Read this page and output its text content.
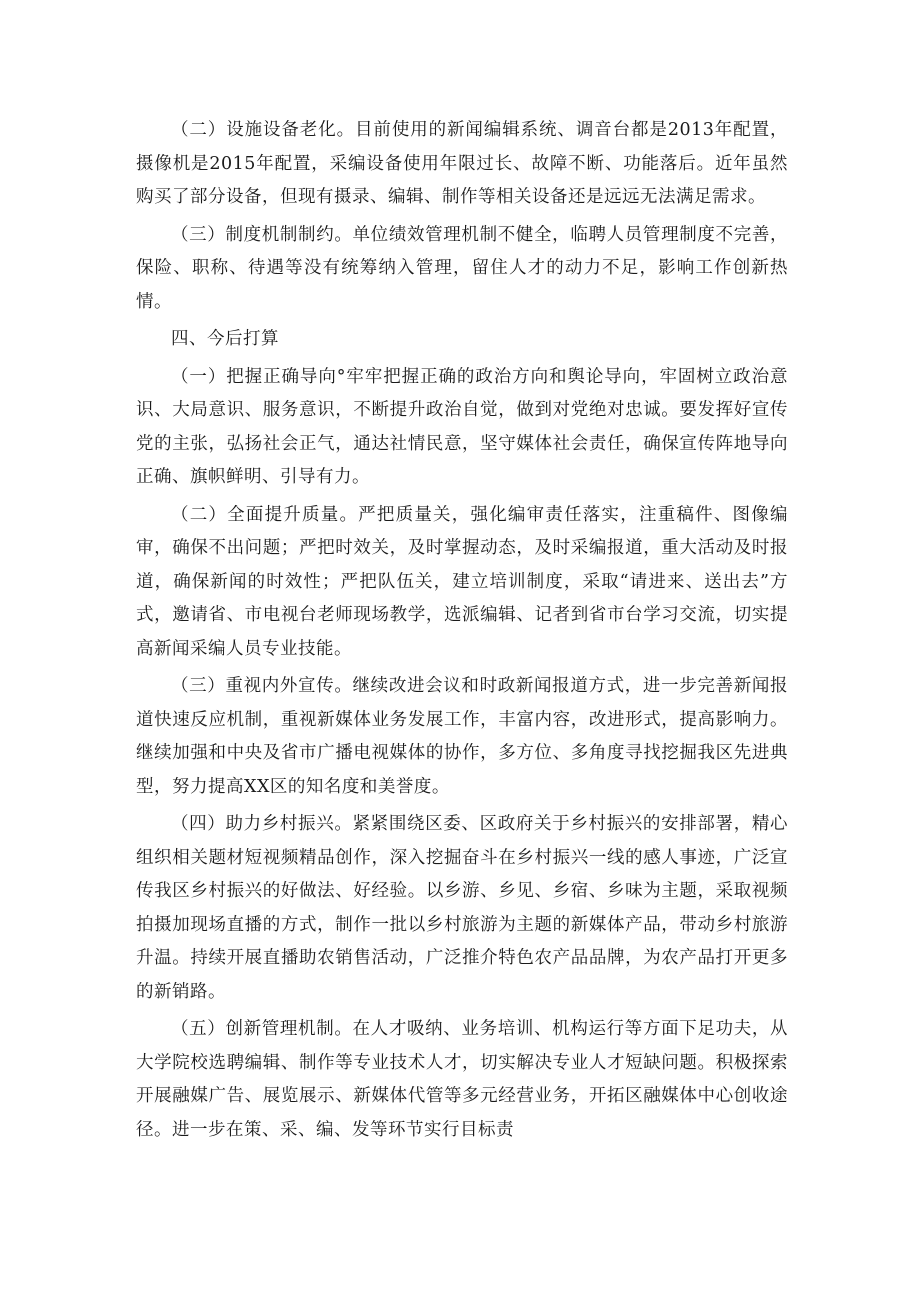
（二）设施设备老化。目前使用的新闻编辑系统、调音台都是2013年配置，摄像机是2015年配置，采编设备使用年限过长、故障不断、功能落后。近年虽然购买了部分设备，但现有摄录、编辑、制作等相关设备还是远远无法满足需求。

（三）制度机制制约。单位绩效管理机制不健全，临聘人员管理制度不完善，保险、职称、待遇等没有统筹纳入管理，留住人才的动力不足，影响工作创新热情。

四、今后打算

（一）把握正确导向°牢牢把握正确的政治方向和舆论导向，牢固树立政治意识、大局意识、服务意识，不断提升政治自觉，做到对党绝对忠诚。要发挥好宣传党的主张，弘扬社会正气，通达社情民意，坚守媒体社会责任，确保宣传阵地导向正确、旗帜鲜明、引导有力。

（二）全面提升质量。严把质量关，强化编审责任落实，注重稿件、图像编审，确保不出问题；严把时效关，及时掌握动态，及时采编报道，重大活动及时报道，确保新闻的时效性；严把队伍关，建立培训制度，采取“请进来、送出去”方式，邀请省、市电视台老师现场教学，选派编辑、记者到省市台学习交流，切实提高新闻采编人员专业技能。

（三）重视内外宣传。继续改进会议和时政新闻报道方式，进一步完善新闻报道快速反应机制，重视新媒体业务发展工作，丰富内容，改进形式，提高影响力。继续加强和中央及省市广播电视媒体的协作，多方位、多角度寻找挖掘我区先进典型，努力提高XX区的知名度和美誉度。

（四）助力乡村振兴。紧紧围绕区委、区政府关于乡村振兴的安排部署，精心组织相关题材短视频精品创作，深入挖掘奋斗在乡村振兴一线的感人事迹，广泛宣传我区乡村振兴的好做法、好经验。以乡游、乡见、乡宿、乡味为主题，采取视频拍摄加现场直播的方式，制作一批以乡村旅游为主题的新媒体产品，带动乡村旅游升温。持续开展直播助农销售活动，广泛推介特色农产品品牌，为农产品打开更多的新销路。

（五）创新管理机制。在人才吸纳、业务培训、机构运行等方面下足功夫，从大学院校选聘编辑、制作等专业技术人才，切实解决专业人才短缺问题。积极探索开展融媒广告、展览展示、新媒体代管等多元经营业务，开拓区融媒体中心创收途径。进一步在策、采、编、发等环节实行目标责
